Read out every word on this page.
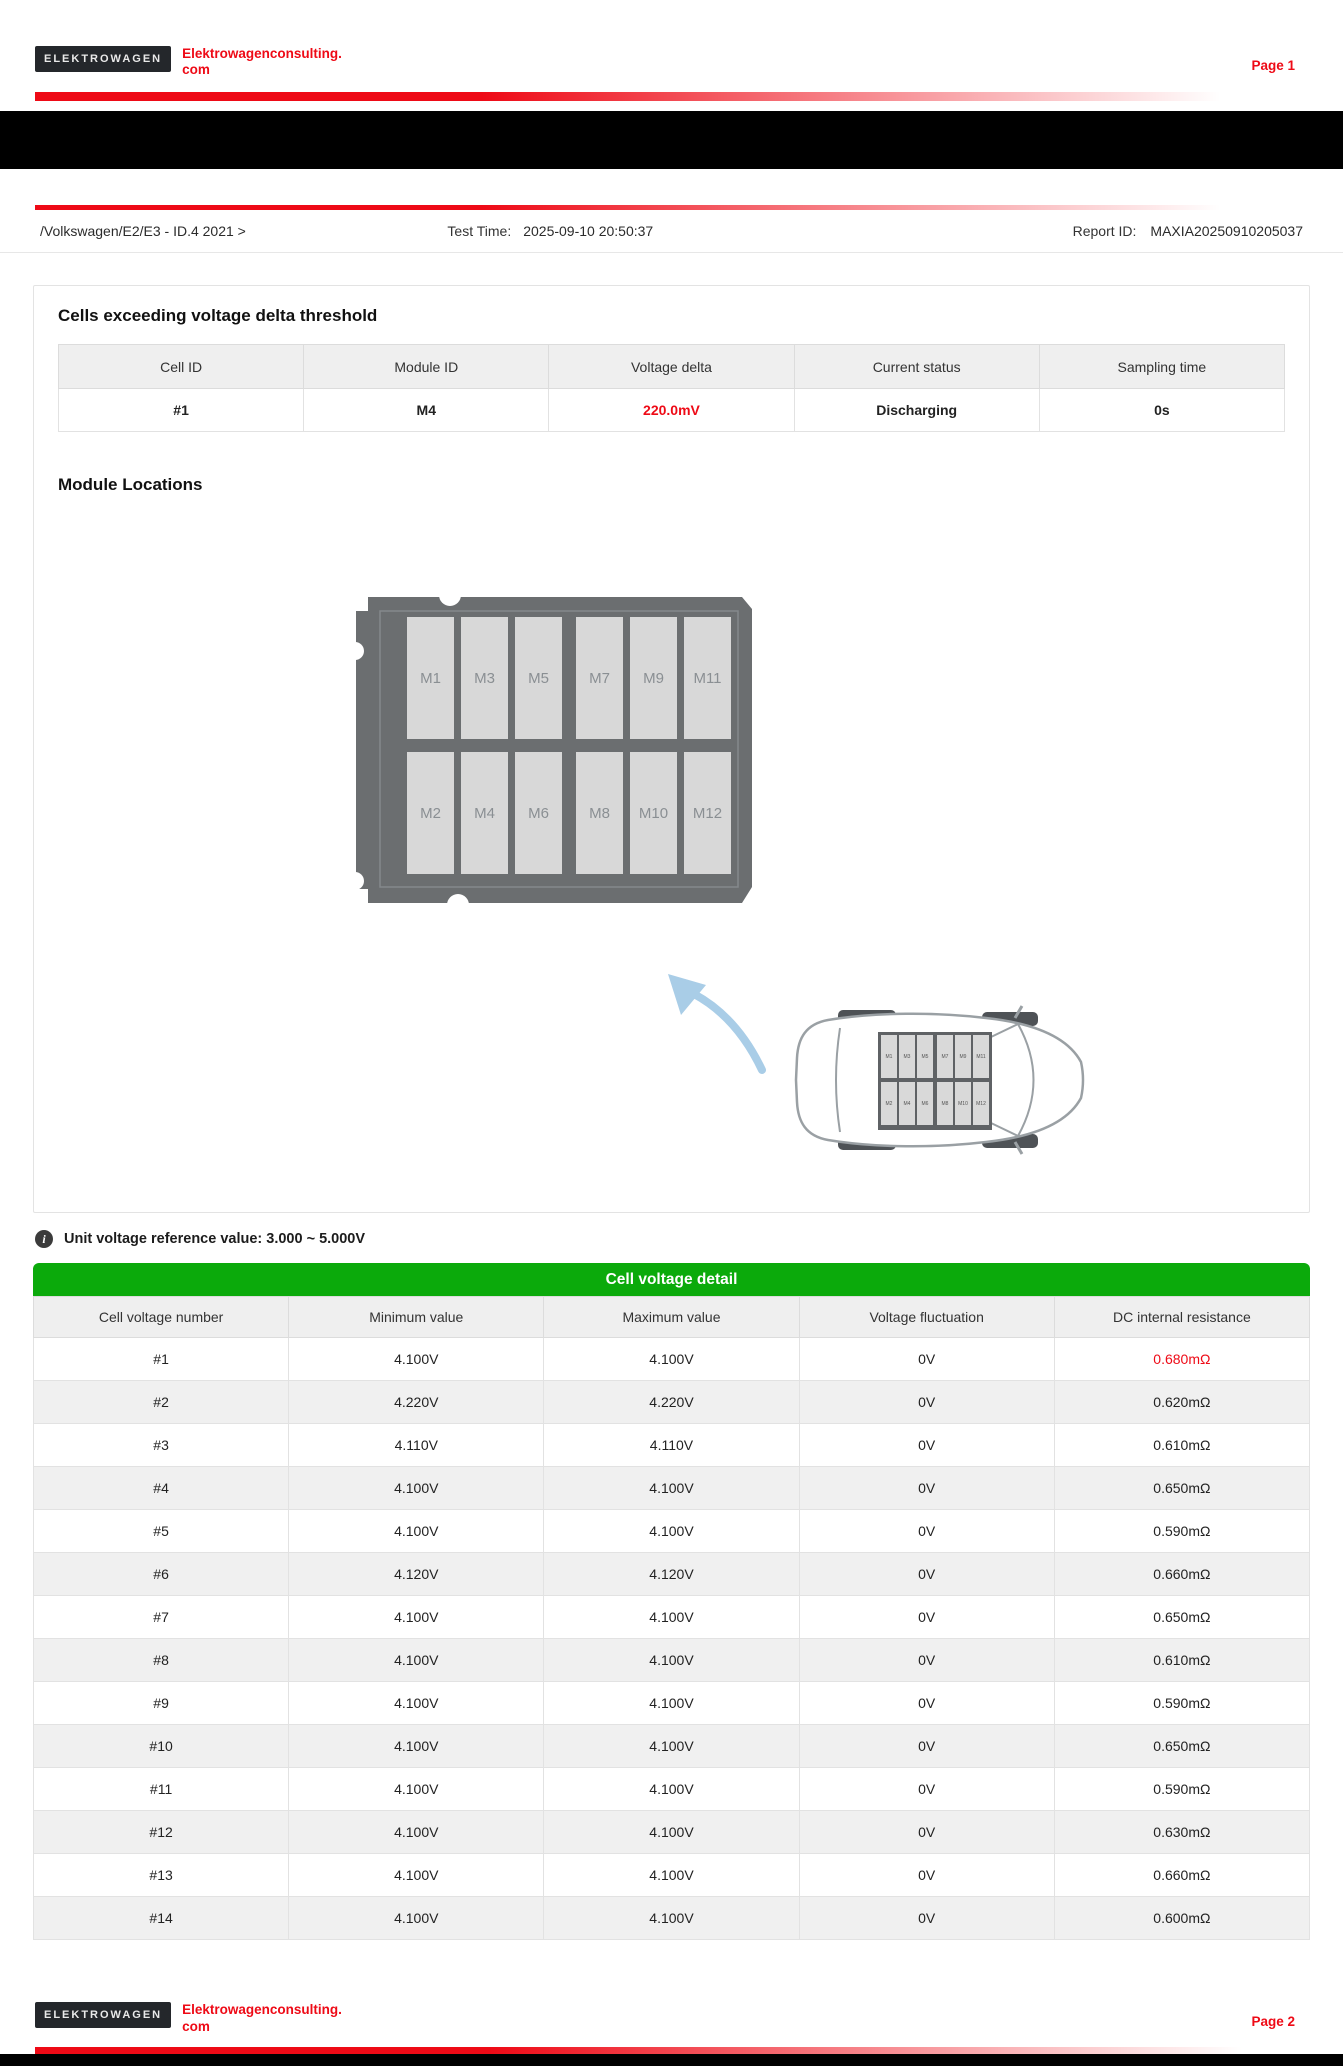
ELEKTROWAGEN	Elektrowagenconsulting.
com	Page 1
/Volkswagen/E2/E3 - ID.4 2021 >	Test Time: 2025-09-10 20:50:37	Report ID: MAXIA20250910205037
Cells exceeding voltage delta threshold
Cell ID	Module ID	Voltage delta	Current status	Sampling time
#1	M4	220.0mV	Discharging	0s
Module Locations
M1	M3	M5	M7	M9	M11
M2	M4	M6	M8	M10	M12
M1	M3	M5	M7	M9	M11
M2	M4	M6	M8	M10	M12
i	Unit voltage reference value: 3.000 ~ 5.000V
Cell voltage detail
Cell voltage number	Minimum value	Maximum value	Voltage fluctuation	DC internal resistance
#1	4.100V	4.100V	0V	0.680mΩ
#2	4.220V	4.220V	0V	0.620mΩ
#3	4.110V	4.110V	0V	0.610mΩ
#4	4.100V	4.100V	0V	0.650mΩ
#5	4.100V	4.100V	0V	0.590mΩ
#6	4.120V	4.120V	0V	0.660mΩ
#7	4.100V	4.100V	0V	0.650mΩ
#8	4.100V	4.100V	0V	0.610mΩ
#9	4.100V	4.100V	0V	0.590mΩ
#10	4.100V	4.100V	0V	0.650mΩ
#11	4.100V	4.100V	0V	0.590mΩ
#12	4.100V	4.100V	0V	0.630mΩ
#13	4.100V	4.100V	0V	0.660mΩ
#14	4.100V	4.100V	0V	0.600mΩ
ELEKTROWAGEN	Elektrowagenconsulting.
com	Page 2
